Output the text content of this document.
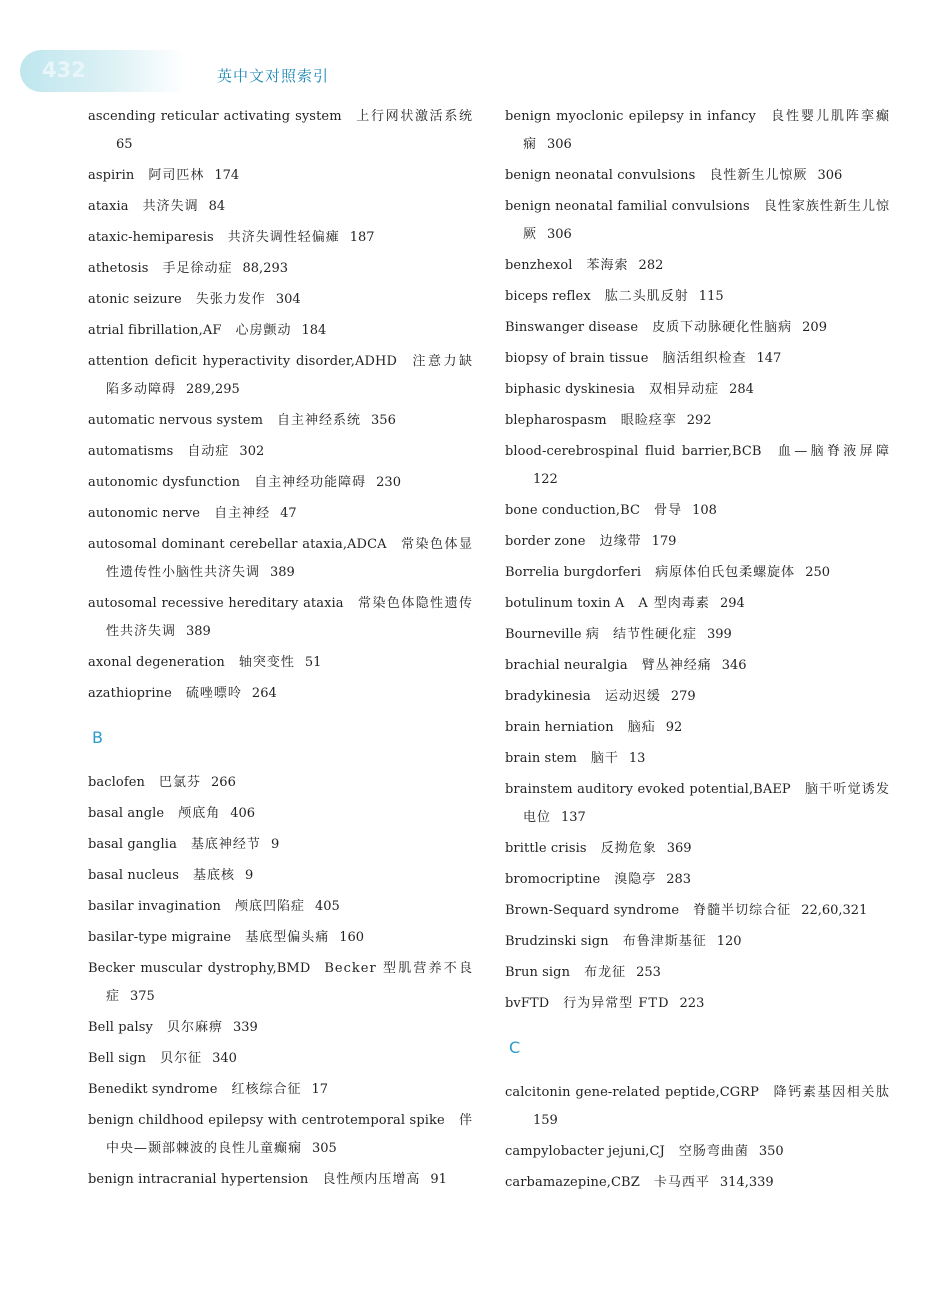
432	英中文对照索引
ascending reticular activating system 上行网状激活系统65
aspirin 阿司匹林 174
ataxia 共济失调 84
ataxic-hemiparesis 共济失调性轻偏瘫 187
athetosis 手足徐动症 88,293
atonic seizure 失张力发作 304
atrial fibrillation,AF 心房颤动 184
attention deficit hyperactivity disorder,ADHD 注意力缺陷多动障碍 289,295
automatic nervous system 自主神经系统 356
automatisms 自动症 302
autonomic dysfunction 自主神经功能障碍 230
autonomic nerve 自主神经 47
autosomal dominant cerebellar ataxia,ADCA 常染色体显性遗传性小脑性共济失调 389
autosomal recessive hereditary ataxia 常染色体隐性遗传性共济失调 389
axonal degeneration 轴突变性 51
azathioprine 硫唑嘌呤 264
B
baclofen 巴氯芬 266
basal angle 颅底角 406
basal ganglia 基底神经节 9
basal nucleus 基底核 9
basilar invagination 颅底凹陷症 405
basilar-type migraine 基底型偏头痛 160
Becker muscular dystrophy,BMD Becker 型肌营养不良症 375
Bell palsy 贝尔麻痹 339
Bell sign 贝尔征 340
Benedikt syndrome 红核综合征 17
benign childhood epilepsy with centrotemporal spike 伴中央—颞部棘波的良性儿童癫痫 305
benign intracranial hypertension 良性颅内压增高 91
benign myoclonic epilepsy in infancy 良性婴儿肌阵挛癫痫 306
benign neonatal convulsions 良性新生儿惊厥 306
benign neonatal familial convulsions 良性家族性新生儿惊厥 306
benzhexol 苯海索 282
biceps reflex 肱二头肌反射 115
Binswanger disease 皮质下动脉硬化性脑病 209
biopsy of brain tissue 脑活组织检查 147
biphasic dyskinesia 双相异动症 284
blepharospasm 眼睑痉挛 292
blood-cerebrospinal fluid barrier,BCB 血—脑脊液屏障122
bone conduction,BC 骨导 108
border zone 边缘带 179
Borrelia burgdorferi 病原体伯氏包柔螺旋体 250
botulinum toxin A A 型肉毒素 294
Bourneville 病 结节性硬化症 399
brachial neuralgia 臂丛神经痛 346
bradykinesia 运动迟缓 279
brain herniation 脑疝 92
brain stem 脑干 13
brainstem auditory evoked potential,BAEP 脑干听觉诱发电位 137
brittle crisis 反拗危象 369
bromocriptine 溴隐亭 283
Brown-Sequard syndrome 脊髓半切综合征 22,60,321
Brudzinski sign 布鲁津斯基征 120
Brun sign 布龙征 253
bvFTD 行为异常型 FTD 223
C
calcitonin gene-related peptide,CGRP 降钙素基因相关肽159
campylobacter jejuni,CJ 空肠弯曲菌 350
carbamazepine,CBZ 卡马西平 314,339
